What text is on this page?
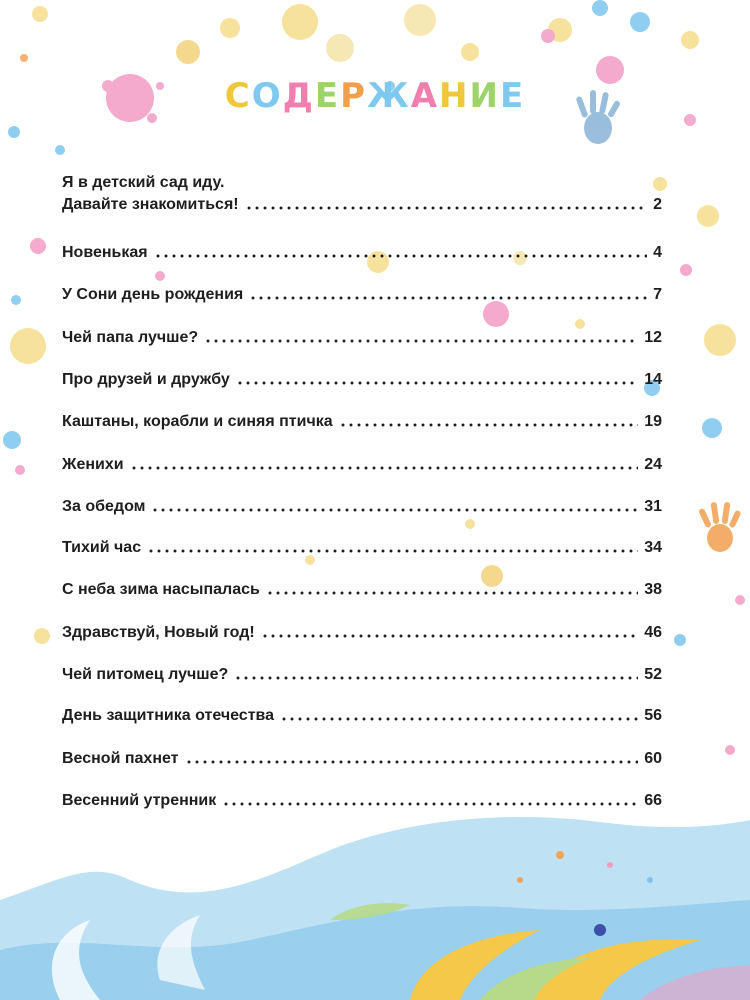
СОДЕРЖАНИЕ
Я в детский сад иду.
Давайте знакомиться!	2
Новенькая	4
У Сони день рождения	7
Чей папа лучше?	12
Про друзей и дружбу	14
Каштаны, корабли и синяя птичка	19
Женихи	24
За обедом	31
Тихий час	34
С неба зима насыпалась	38
Здравствуй, Новый год!	46
Чей питомец лучше?	52
День защитника отечества	56
Весной пахнет	60
Весенний утренник	66
